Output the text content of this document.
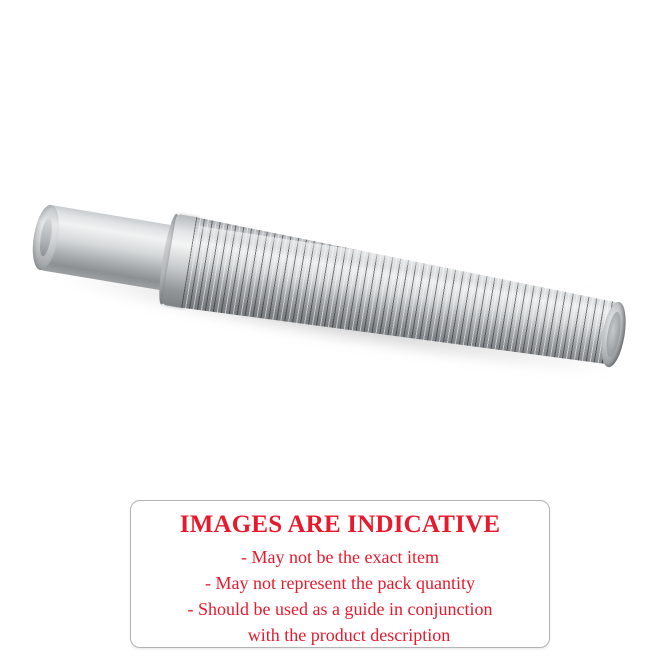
IMAGES ARE INDICATIVE
- May not be the exact item
- May not represent the pack quantity
- Should be used as a guide in conjunction
with the product description
